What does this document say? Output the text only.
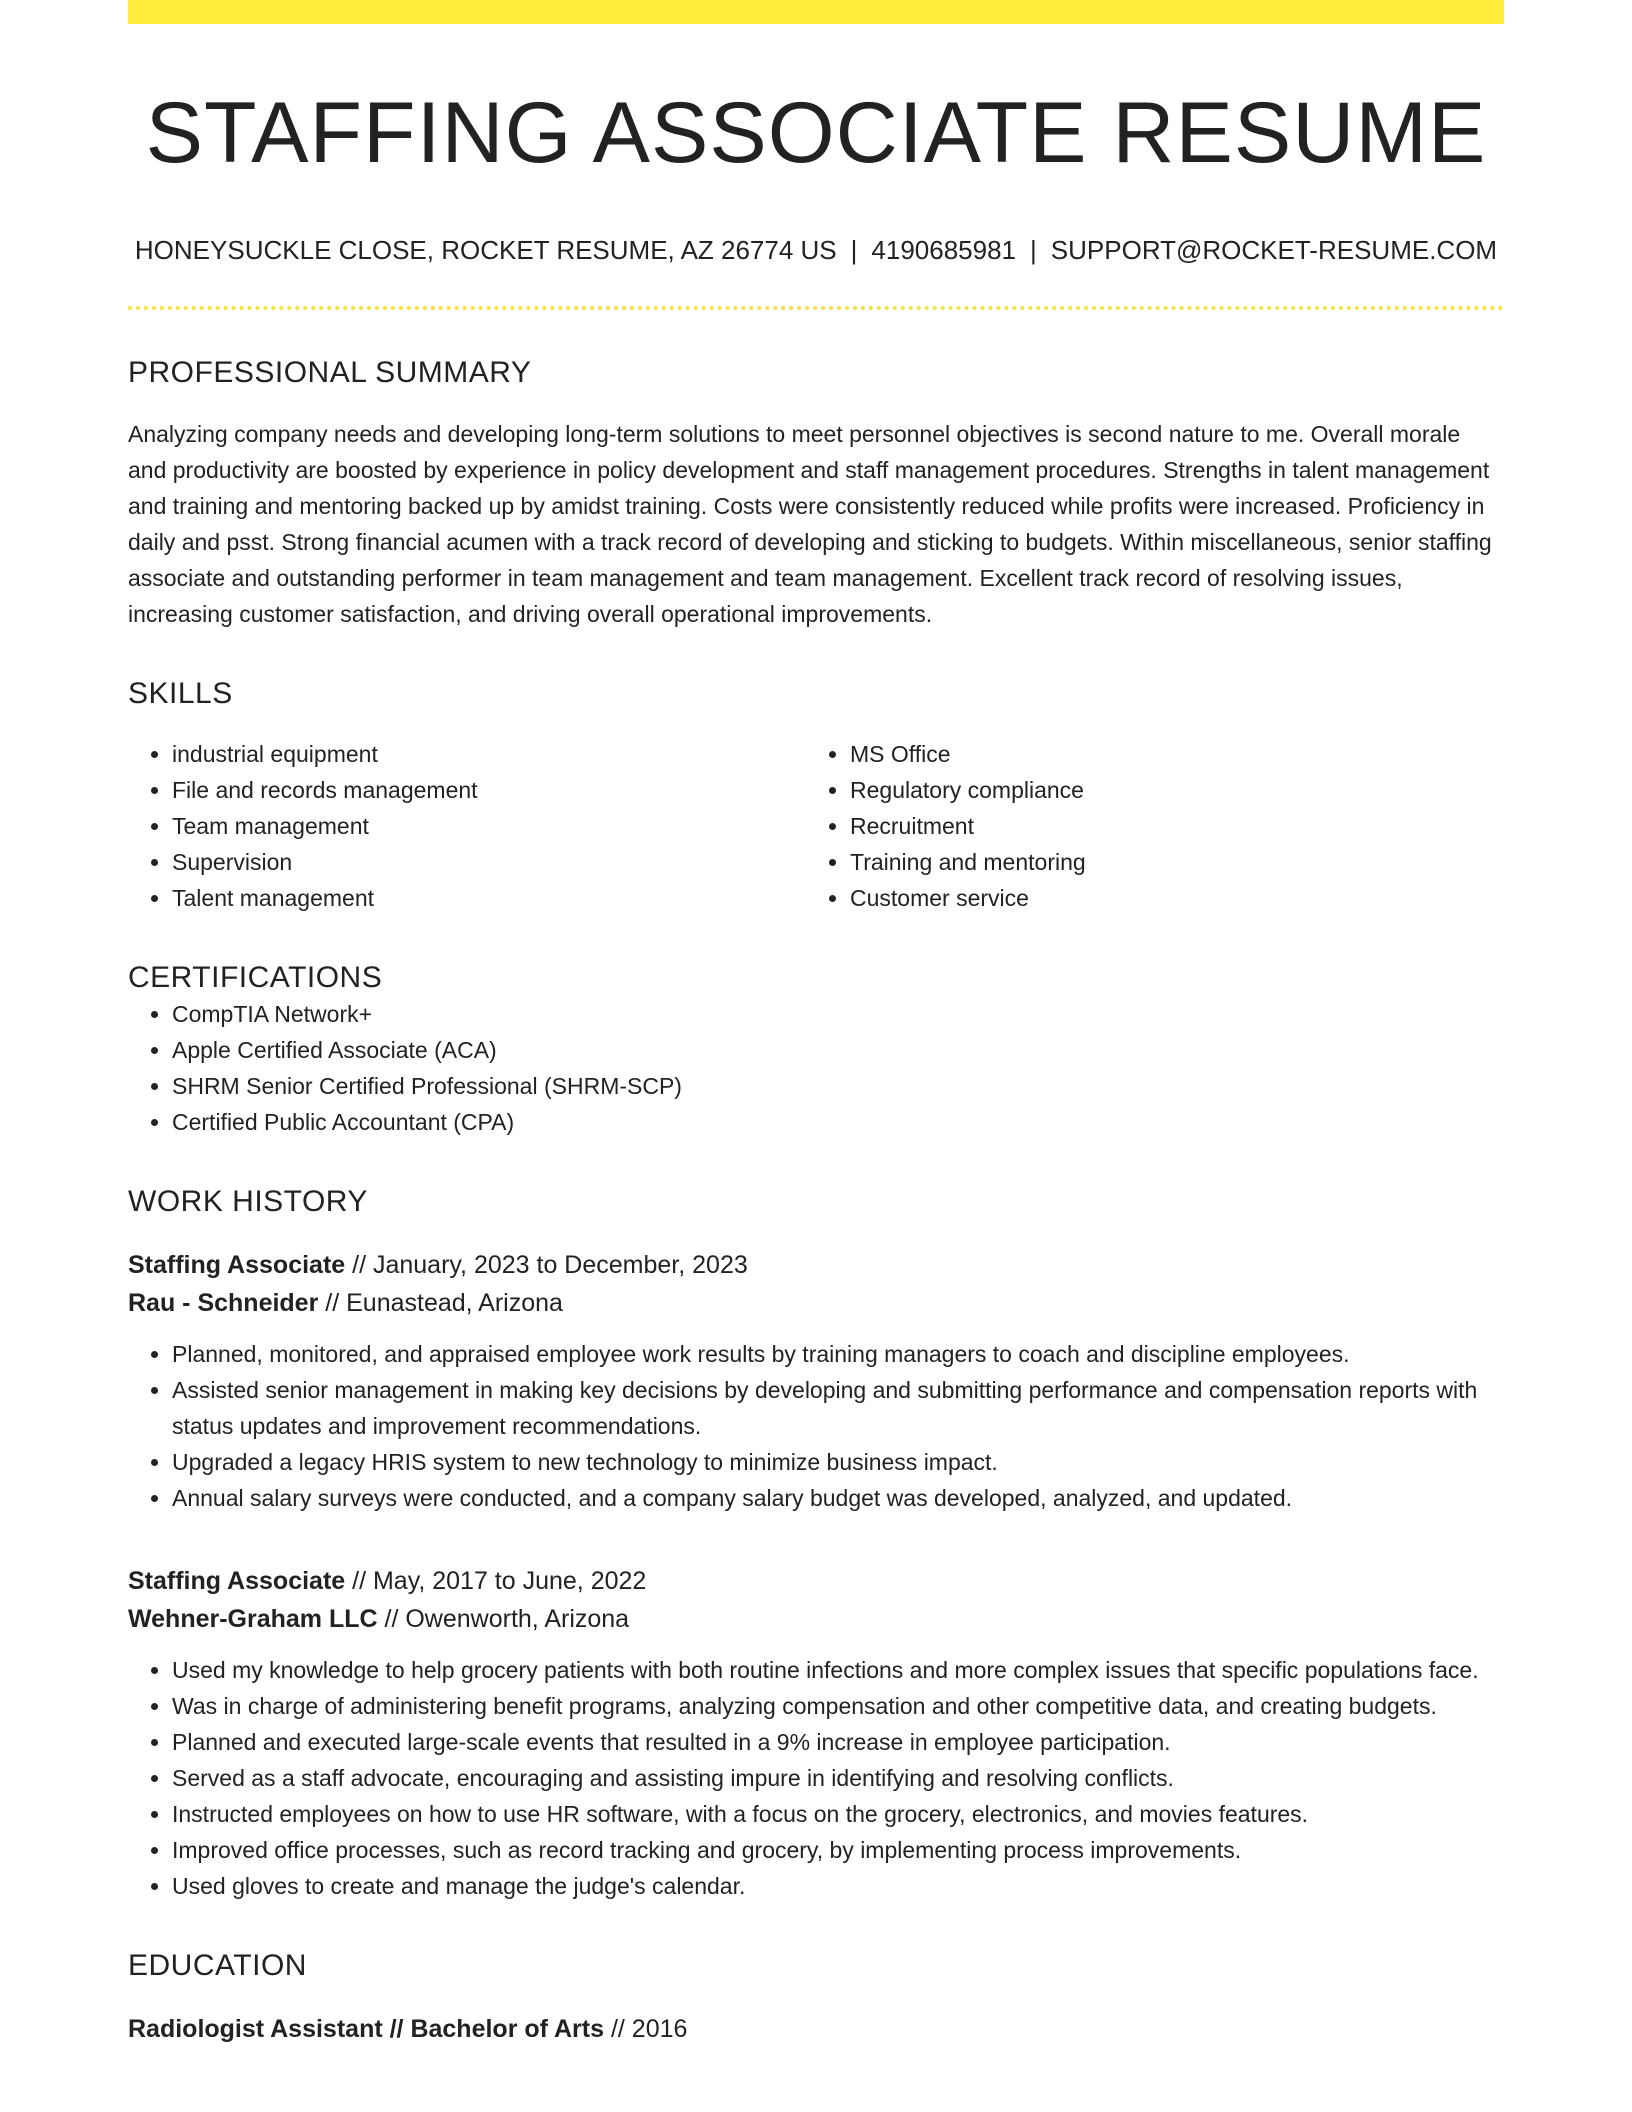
STAFFING ASSOCIATE RESUME
HONEYSUCKLE CLOSE, ROCKET RESUME, AZ 26774 US | 4190685981 | SUPPORT@ROCKET-RESUME.COM
PROFESSIONAL SUMMARY
Analyzing company needs and developing long-term solutions to meet personnel objectives is second nature to me. Overall morale and productivity are boosted by experience in policy development and staff management procedures. Strengths in talent management and training and mentoring backed up by amidst training. Costs were consistently reduced while profits were increased. Proficiency in daily and psst. Strong financial acumen with a track record of developing and sticking to budgets. Within miscellaneous, senior staffing associate and outstanding performer in team management and team management. Excellent track record of resolving issues, increasing customer satisfaction, and driving overall operational improvements.
SKILLS
• industrial equipment
• File and records management
• Team management
• Supervision
• Talent management
• MS Office
• Regulatory compliance
• Recruitment
• Training and mentoring
• Customer service
CERTIFICATIONS
• CompTIA Network+
• Apple Certified Associate (ACA)
• SHRM Senior Certified Professional (SHRM-SCP)
• Certified Public Accountant (CPA)
WORK HISTORY
Staffing Associate // January, 2023 to December, 2023
Rau - Schneider // Eunastead, Arizona
• Planned, monitored, and appraised employee work results by training managers to coach and discipline employees.
• Assisted senior management in making key decisions by developing and submitting performance and compensation reports with status updates and improvement recommendations.
• Upgraded a legacy HRIS system to new technology to minimize business impact.
• Annual salary surveys were conducted, and a company salary budget was developed, analyzed, and updated.
Staffing Associate // May, 2017 to June, 2022
Wehner-Graham LLC // Owenworth, Arizona
• Used my knowledge to help grocery patients with both routine infections and more complex issues that specific populations face.
• Was in charge of administering benefit programs, analyzing compensation and other competitive data, and creating budgets.
• Planned and executed large-scale events that resulted in a 9% increase in employee participation.
• Served as a staff advocate, encouraging and assisting impure in identifying and resolving conflicts.
• Instructed employees on how to use HR software, with a focus on the grocery, electronics, and movies features.
• Improved office processes, such as record tracking and grocery, by implementing process improvements.
• Used gloves to create and manage the judge's calendar.
EDUCATION
Radiologist Assistant // Bachelor of Arts // 2016
